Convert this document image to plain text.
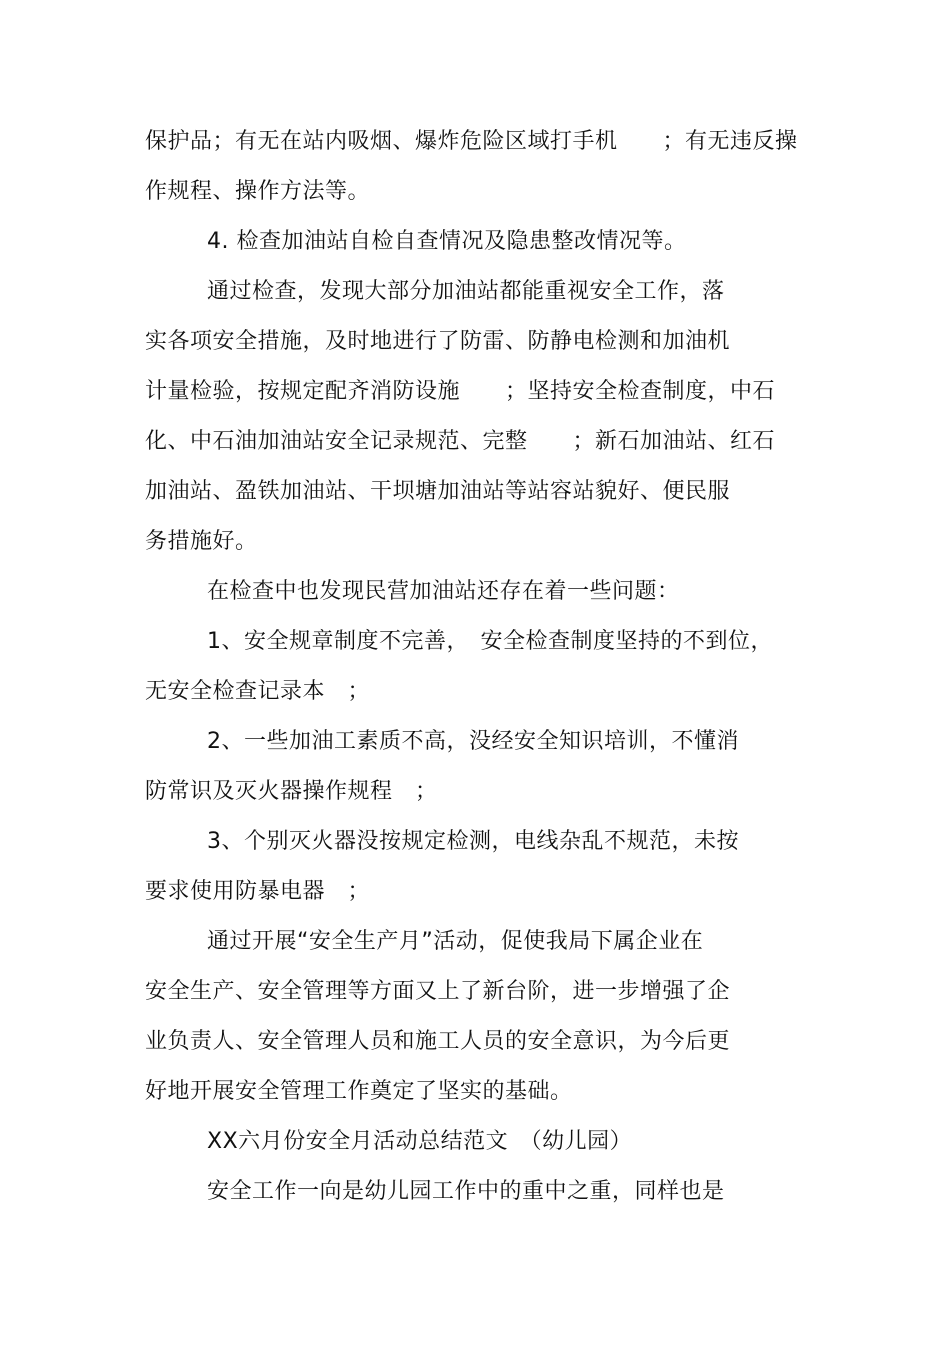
保护品；有无在站内吸烟、爆炸危险区域打手机　　；有无违反操
作规程、操作方法等。
4. 检查加油站自检自查情况及隐患整改情况等。
通过检查，发现大部分加油站都能重视安全工作，落
实各项安全措施，及时地进行了防雷、防静电检测和加油机
计量检验，按规定配齐消防设施　　；坚持安全检查制度，中石
化、中石油加油站安全记录规范、完整　　；新石加油站、红石
加油站、盈铁加油站、干坝塘加油站等站容站貌好、便民服
务措施好。
在检查中也发现民营加油站还存在着一些问题：
1、安全规章制度不完善，　安全检查制度坚持的不到位，
无安全检查记录本　；
2、一些加油工素质不高，没经安全知识培训，不懂消
防常识及灭火器操作规程　；
3、个别灭火器没按规定检测，电线杂乱不规范，未按
要求使用防暴电器　；
通过开展“安全生产月”活动，促使我局下属企业在
安全生产、安全管理等方面又上了新台阶，进一步增强了企
业负责人、安全管理人员和施工人员的安全意识，为今后更
好地开展安全管理工作奠定了坚实的基础。
XX六月份安全月活动总结范文　（幼儿园）
安全工作一向是幼儿园工作中的重中之重，同样也是
